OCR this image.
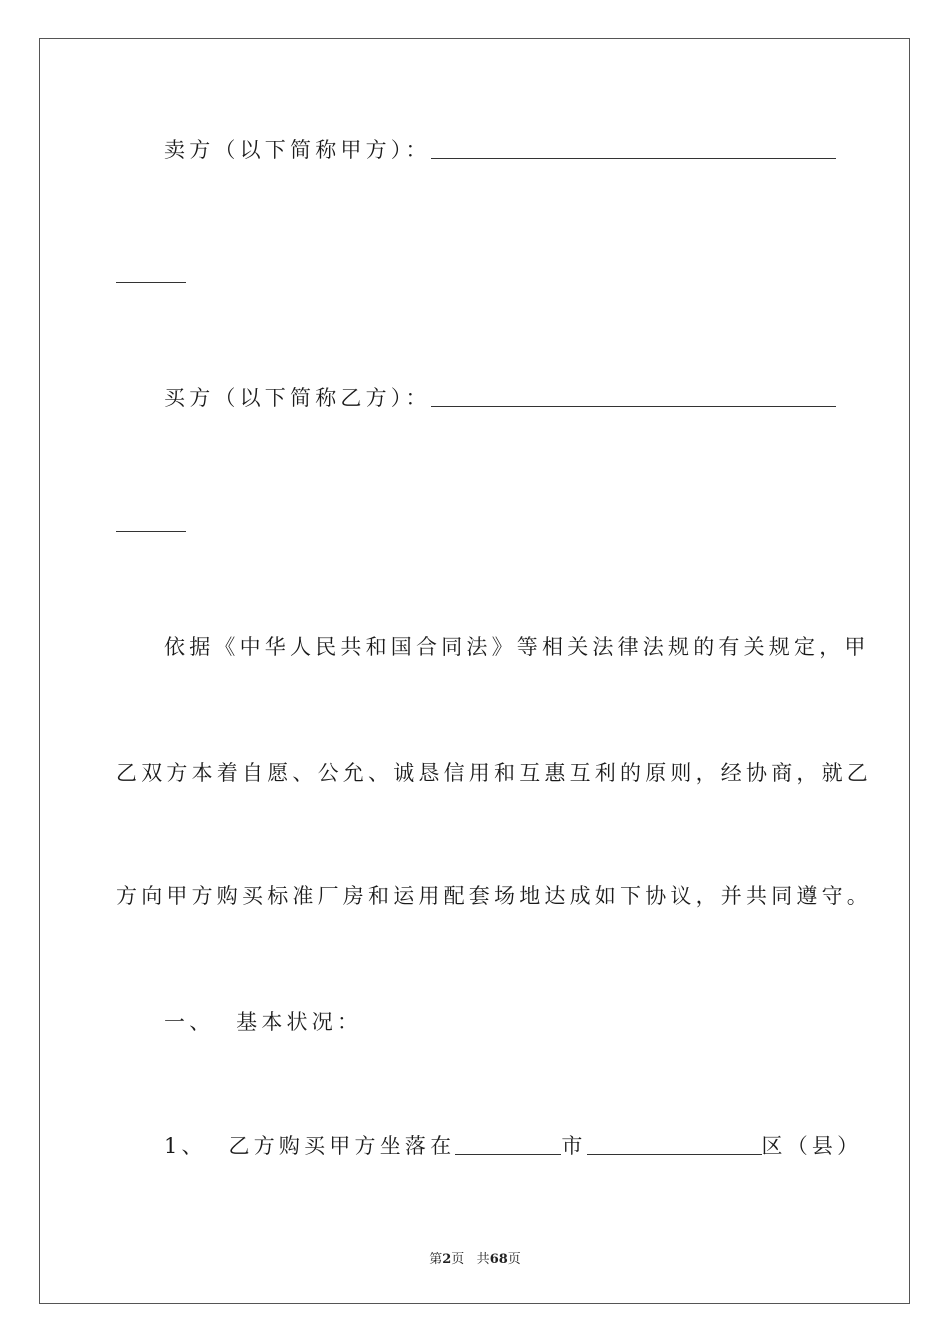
卖方（以下简称甲方）：
买方（以下简称乙方）：
依据《中华人民共和国合同法》等相关法律法规的有关规定，甲
乙双方本着自愿、公允、诚恳信用和互惠互利的原则，经协商，就乙
方向甲方购买标准厂房和运用配套场地达成如下协议，并共同遵守。
一、  基本状况：
1、  乙方购买甲方坐落在	市	区（县）
第2页 共68页
